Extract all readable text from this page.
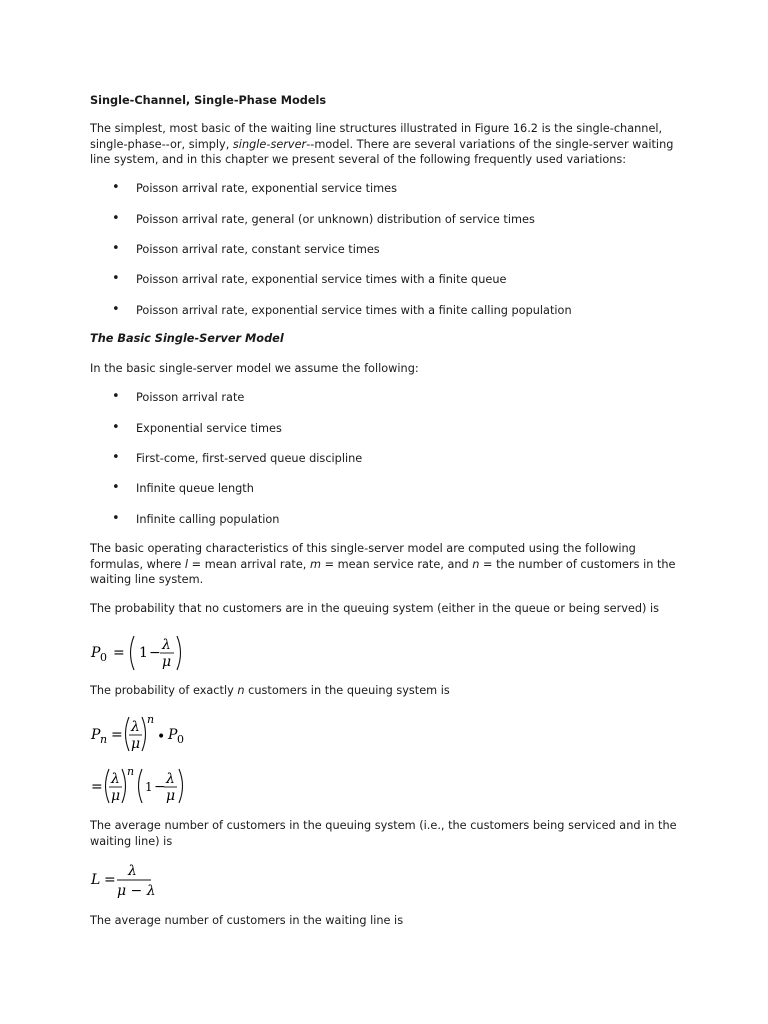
Single-Channel, Single-Phase Models
The simplest, most basic of the waiting line structures illustrated in Figure 16.2 is the single-channel,
single-phase--or, simply, single-server--model. There are several variations of the single-server waiting
line system, and in this chapter we present several of the following frequently used variations:
• Poisson arrival rate, exponential service times
• Poisson arrival rate, general (or unknown) distribution of service times
• Poisson arrival rate, constant service times
• Poisson arrival rate, exponential service times with a finite queue
• Poisson arrival rate, exponential service times with a finite calling population
The Basic Single-Server Model
In the basic single-server model we assume the following:
• Poisson arrival rate
• Exponential service times
• First-come, first-served queue discipline
• Infinite queue length
• Infinite calling population
The basic operating characteristics of this single-server model are computed using the following
formulas, where l = mean arrival rate, m = mean service rate, and n = the number of customers in the
waiting line system.
The probability that no customers are in the queuing system (either in the queue or being served) is
P 0 = 1 − λ
μ
The probability of exactly n customers in the queuing system is
P n = λ
μ
n
• P 0
= λ
μ
n
1 − λ
μ
The average number of customers in the queuing system (i.e., the customers being serviced and in the
waiting line) is
L =
λ
μ − λ
The average number of customers in the waiting line is
